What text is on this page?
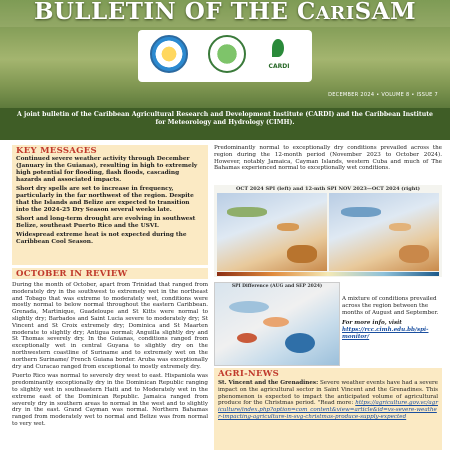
BULLETIN OF THE CARISAM
CARDI
DECEMBER 2024 • VOLUME 8 • ISSUE 7

A joint bulletin of the Caribbean Agricultural Research and Development Institute (CARDI) and the Caribbean Institute for Meteorology and Hydrology (CIMH).

KEY MESSAGES

Continued severe weather activity through December (January in the Guianas), resulting in high to extremely high potential for flooding, flash floods, cascading hazards and associated impacts.

Short dry spells are set to increase in frequency, particularly in the far northwest of the region. Despite that the Islands and Belize are expected to transition into the 2024-25 Dry Season several weeks late.

Short and long-term drought are evolving in southwest Belize, southeast Puerto Rico and the USVI.

Widespread extreme heat is not expected during the Caribbean Cool Season.

OCTOBER IN REVIEW

During the month of October, apart from Trinidad that ranged from moderately dry in the southwest to extremely wet in the northeast and Tobago that was extreme to moderately wet, conditions were mostly normal to below normal throughout the eastern Caribbean. Grenada, Martinique, Guadeloupe and St Kitts were normal to slightly dry; Barbados and Saint Lucia severe to moderately dry; St Vincent and St Croix extremely dry; Dominica and St Maarten moderate to slightly dry; Antigua normal; Anguilla slightly dry and St Thomas severely dry. In the Guianas, conditions ranged from exceptionally wet in central Guyana to slightly dry on the northwestern coastline of Suriname and to extremely wet on the northern Suriname/ French Guiana border. Aruba was exceptionally dry and Curacao ranged from exceptional to mostly extremely dry.

Puerto Rico was normal to severely dry west to east. Hispaniola was predominantly exceptionally dry in the Dominican Republic ranging to slightly wet in southeastern Haiti and to Moderately wet in the extreme east of the Dominican Republic. Jamaica ranged from severely dry in southern areas to normal in the west and to slightly dry in the east. Grand Cayman was normal. Northern Bahamas ranged from moderately wet to normal and Belize was from normal to very wet.

Predominantly normal to exceptionally dry conditions prevailed across the region during the 12-month period (November 2023 to October 2024). However, notably Jamaica, Cayman Islands, western Cuba and much of The Bahamas experienced normal to exceptionally wet conditions.

OCT 2024 SPI (left) and 12-mth SPI NOV 2023—OCT 2024 (right)
SPI Difference (AUG and SEP 2024)

A mixture of conditions prevailed across the region between the months of August and September.

For more info, visit https://rcc.cimh.edu.bb/spi-monitor/

AGRI-NEWS

St. Vincent and the Grenadines: Severe weather events have had a severe impact on the agricultural sector in Saint Vincent and the Grenadines. This phenomenon is expected to impact the anticipated volume of agricultural produce for the Christmas period. "Read more: https://agriculture.gov.vc/agriculture/index.php?option=com_content&view=article&id=vs-severe-weather-impacting-agriculture-in-svg-christmas-produce-supply-expected
